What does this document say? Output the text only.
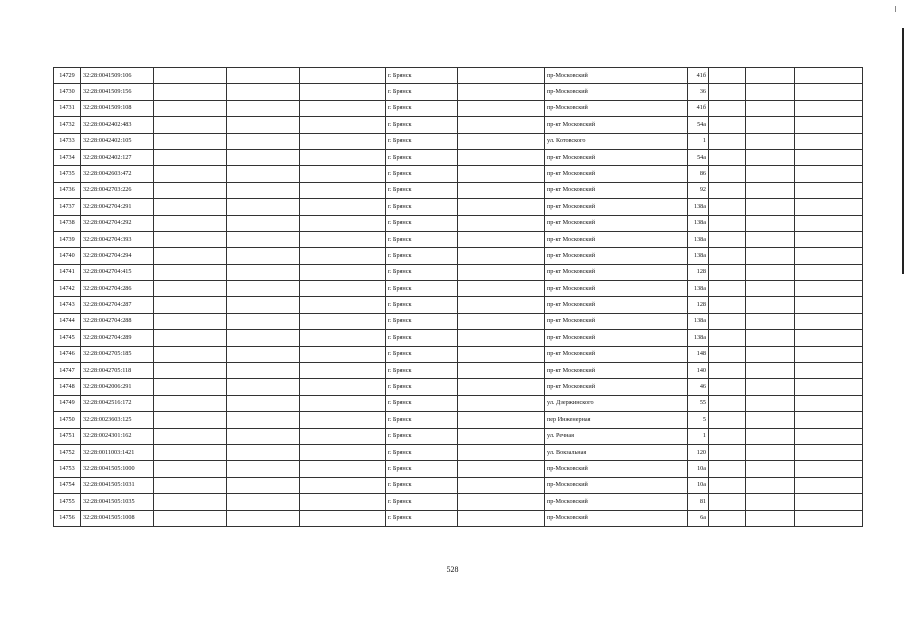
14729	32:28:0041509:106				г. Брянск		пр-Московский	41б			
14730	32:28:0041509:156				г. Брянск		пр-Московский	36			
14731	32:28:0041509:108				г. Брянск		пр-Московский	41б			
14732	32:28:0042402:483				г. Брянск		пр-кт Московский	54а			
14733	32:28:0042402:105				г. Брянск		ул. Котовского	1			
14734	32:28:0042402:127				г. Брянск		пр-кт Московский	54а			
14735	32:28:0042603:472				г. Брянск		пр-кт Московский	86			
14736	32:28:0042703:226				г. Брянск		пр-кт Московский	92			
14737	32:28:0042704:291				г. Брянск		пр-кт Московский	138а			
14738	32:28:0042704:292				г. Брянск		пр-кт Московский	138а			
14739	32:28:0042704:393				г. Брянск		пр-кт Московский	138а			
14740	32:28:0042704:294				г. Брянск		пр-кт Московский	138а			
14741	32:28:0042704:415				г. Брянск		пр-кт Московский	128			
14742	32:28:0042704:286				г. Брянск		пр-кт Московский	138а			
14743	32:28:0042704:287				г. Брянск		пр-кт Московский	128			
14744	32:28:0042704:288				г. Брянск		пр-кт Московский	138а			
14745	32:28:0042704:289				г. Брянск		пр-кт Московский	138а			
14746	32:28:0042705:185				г. Брянск		пр-кт Московский	148			
14747	32:28:0042705:118				г. Брянск		пр-кт Московский	140			
14748	32:28:0042006:291				г. Брянск		пр-кт Московский	46			
14749	32:28:0042516:172				г. Брянск		ул. Дзержинского	55			
14750	32:28:0023603:125				г. Брянск		пер Инженерная	5			
14751	32:28:0024301:162				г. Брянск		ул. Речная	1			
14752	32:28:0011003:1421				г. Брянск		ул. Вокзальная	120			
14753	32:28:0041505:1000				г. Брянск		пр-Московский	10а			
14754	32:28:0041505:1031				г. Брянск		пр-Московский	10а			
14755	32:28:0041505:1035				г. Брянск		пр-Московский	81			
14756	32:28:0041505:1008				г. Брянск		пр-Московский	6а			
528
